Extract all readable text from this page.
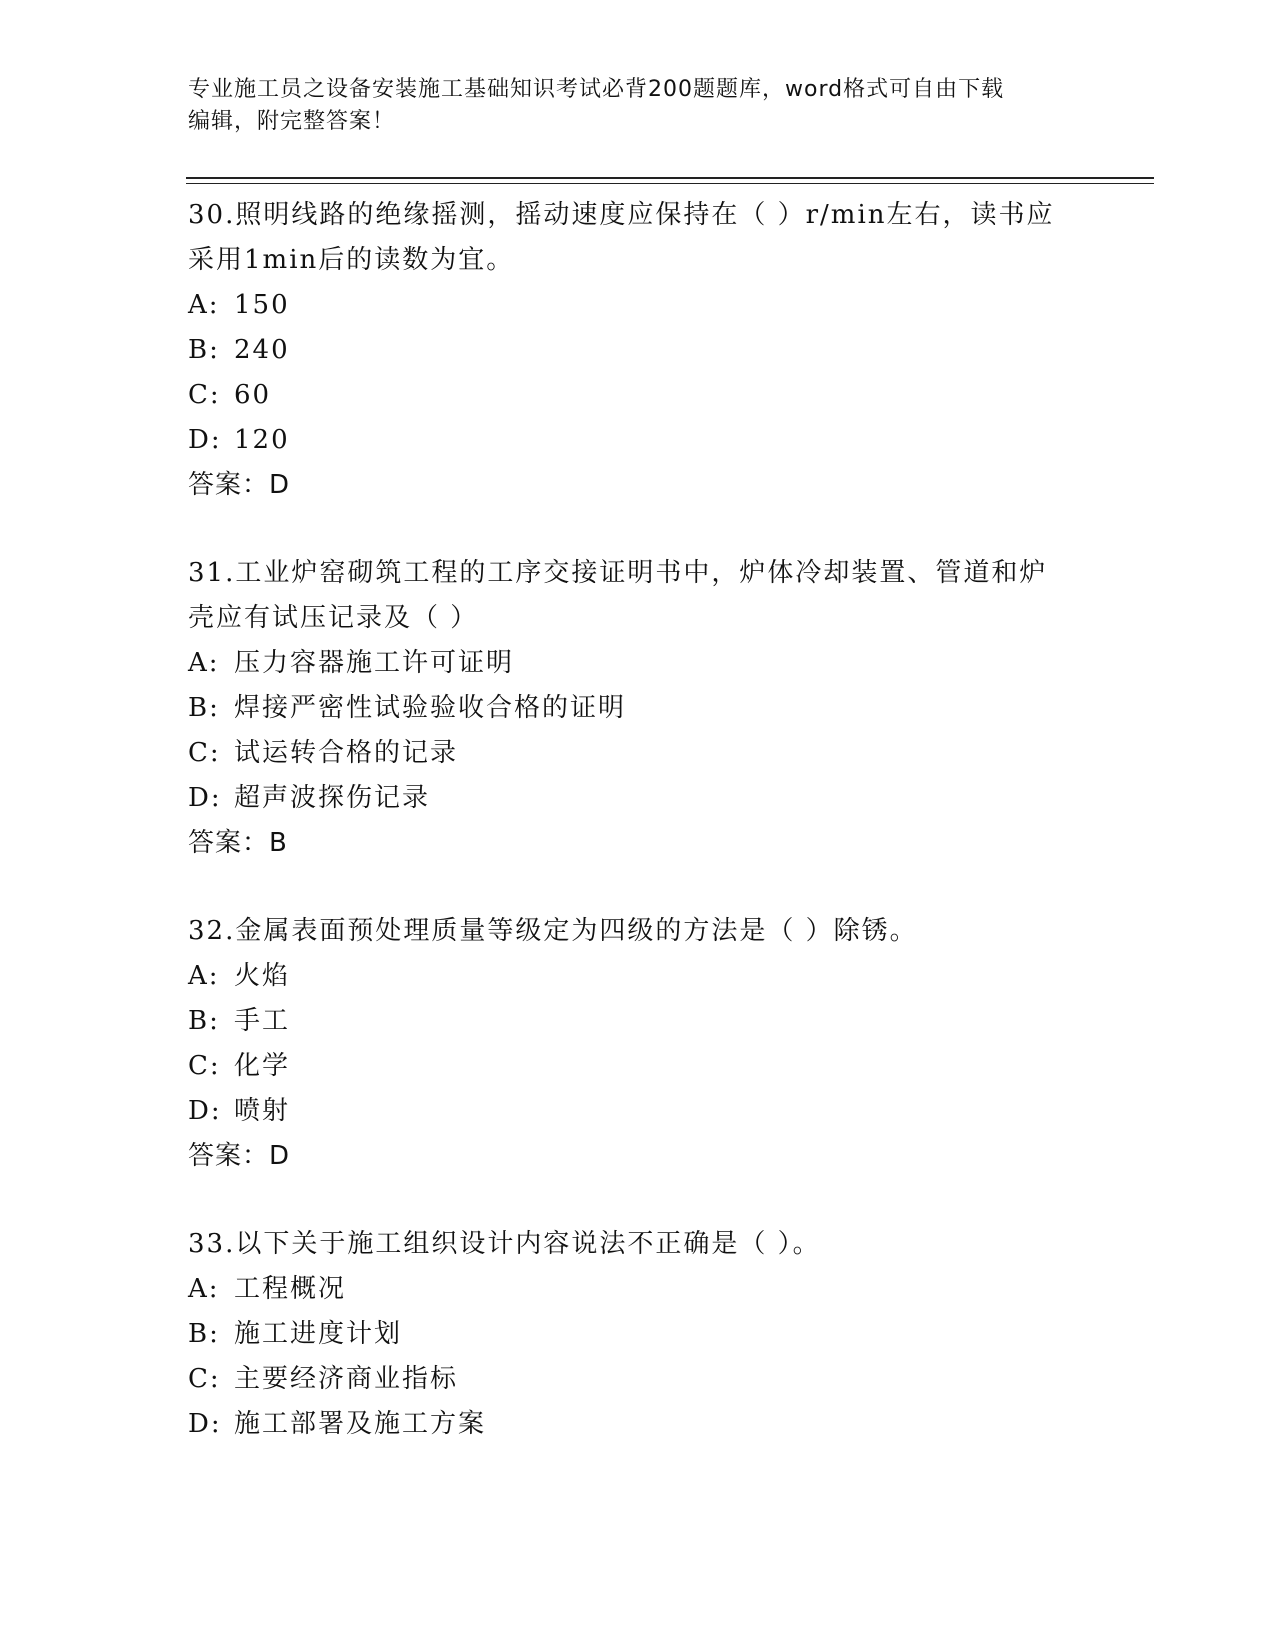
专业施工员之设备安装施工基础知识考试必背200题题库，word格式可自由下载
编辑，附完整答案！
30.照明线路的绝缘摇测，摇动速度应保持在（ ）r/min左右，读书应
采用1min后的读数为宜。
A: 150
B: 240
C: 60
D: 120
答案：D
31.工业炉窑砌筑工程的工序交接证明书中，炉体冷却装置、管道和炉
壳应有试压记录及（ ）
A: 压力容器施工许可证明
B: 焊接严密性试验验收合格的证明
C: 试运转合格的记录
D: 超声波探伤记录
答案：B
32.金属表面预处理质量等级定为四级的方法是（ ）除锈。
A: 火焰
B: 手工
C: 化学
D: 喷射
答案：D
33.以下关于施工组织设计内容说法不正确是（ ）。
A: 工程概况
B: 施工进度计划
C: 主要经济商业指标
D: 施工部署及施工方案
